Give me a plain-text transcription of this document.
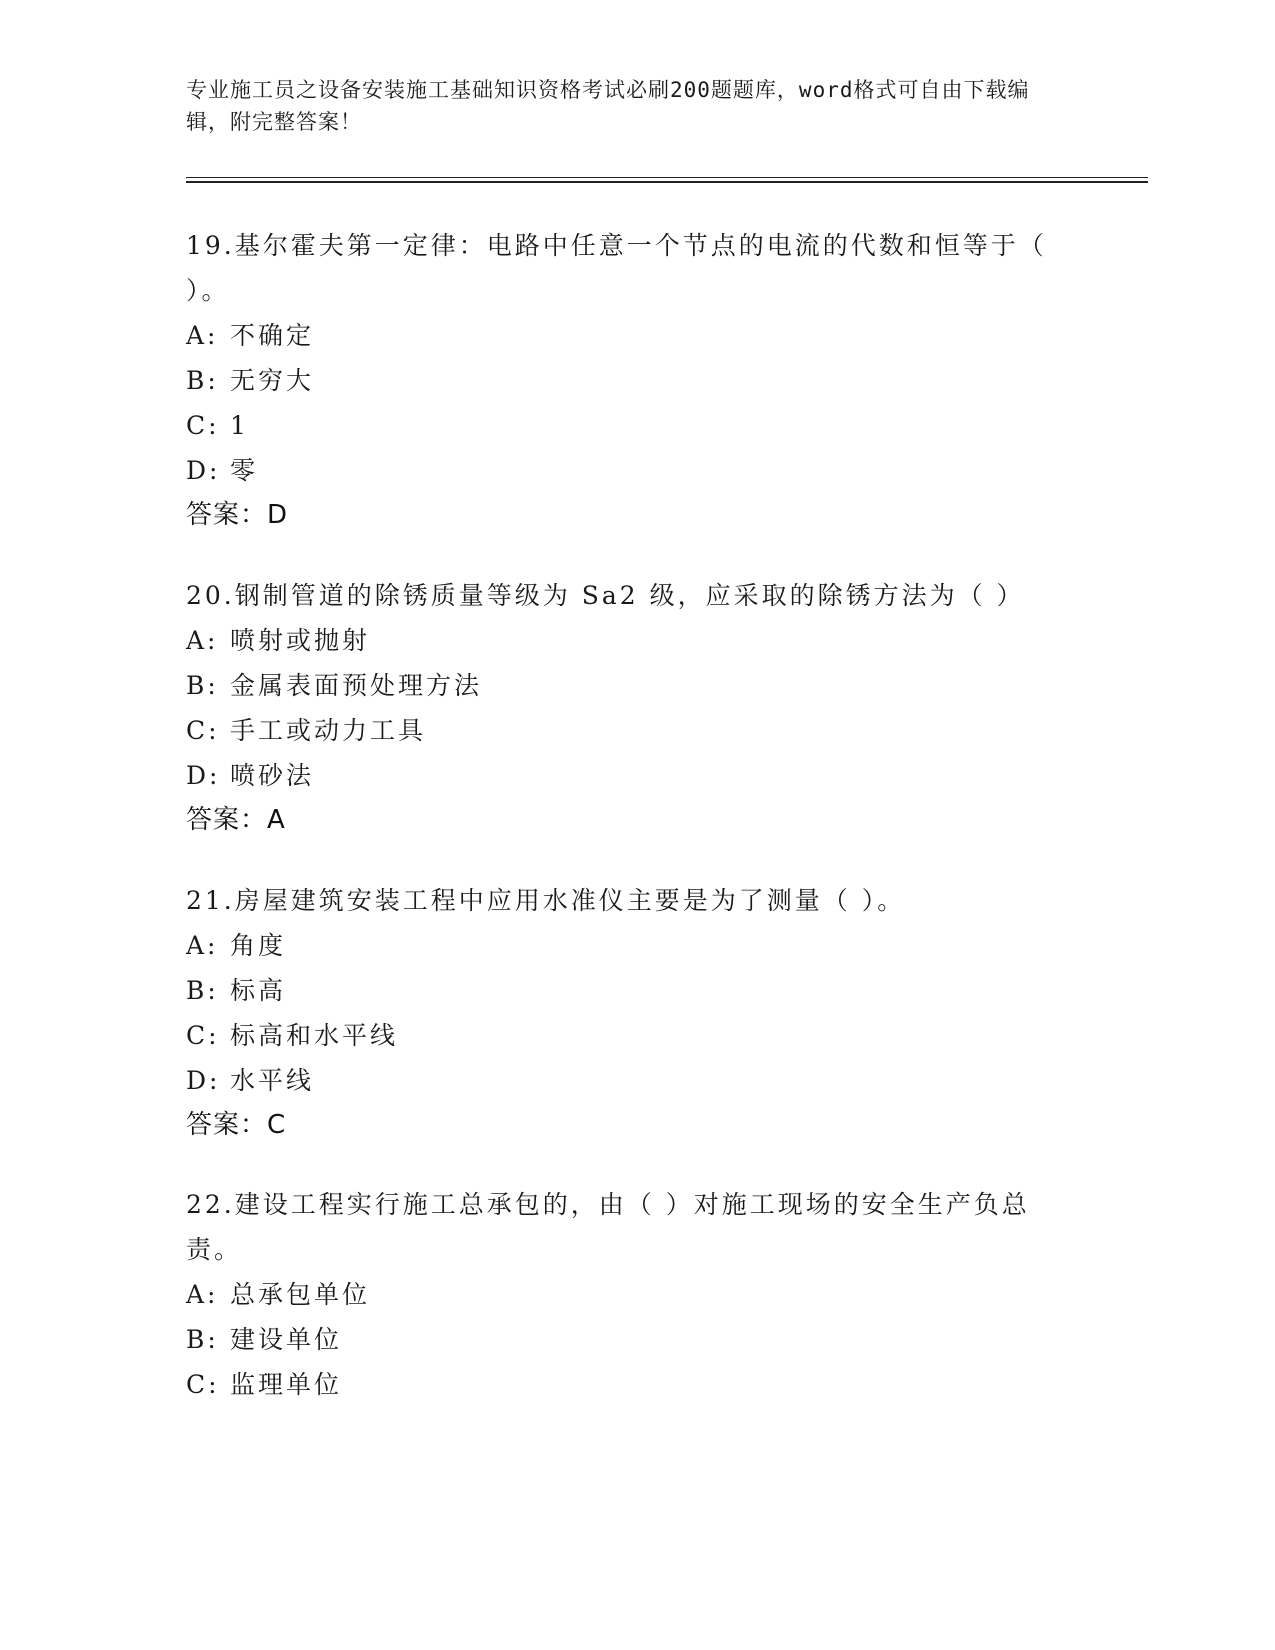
专业施工员之设备安装施工基础知识资格考试必刷200题题库，word格式可自由下载编辑，附完整答案！

19.基尔霍夫第一定律：电路中任意一个节点的电流的代数和恒等于（ ）。

A: 不确定
B: 无穷大
C: 1
D: 零
答案：D

20.钢制管道的除锈质量等级为 Sa2 级，应采取的除锈方法为（ ）

A: 喷射或抛射
B: 金属表面预处理方法
C: 手工或动力工具
D: 喷砂法
答案：A

21.房屋建筑安装工程中应用水准仪主要是为了测量（ ）。

A: 角度
B: 标高
C: 标高和水平线
D: 水平线
答案：C

22.建设工程实行施工总承包的，由（ ）对施工现场的安全生产负总责。

A: 总承包单位
B: 建设单位
C: 监理单位
